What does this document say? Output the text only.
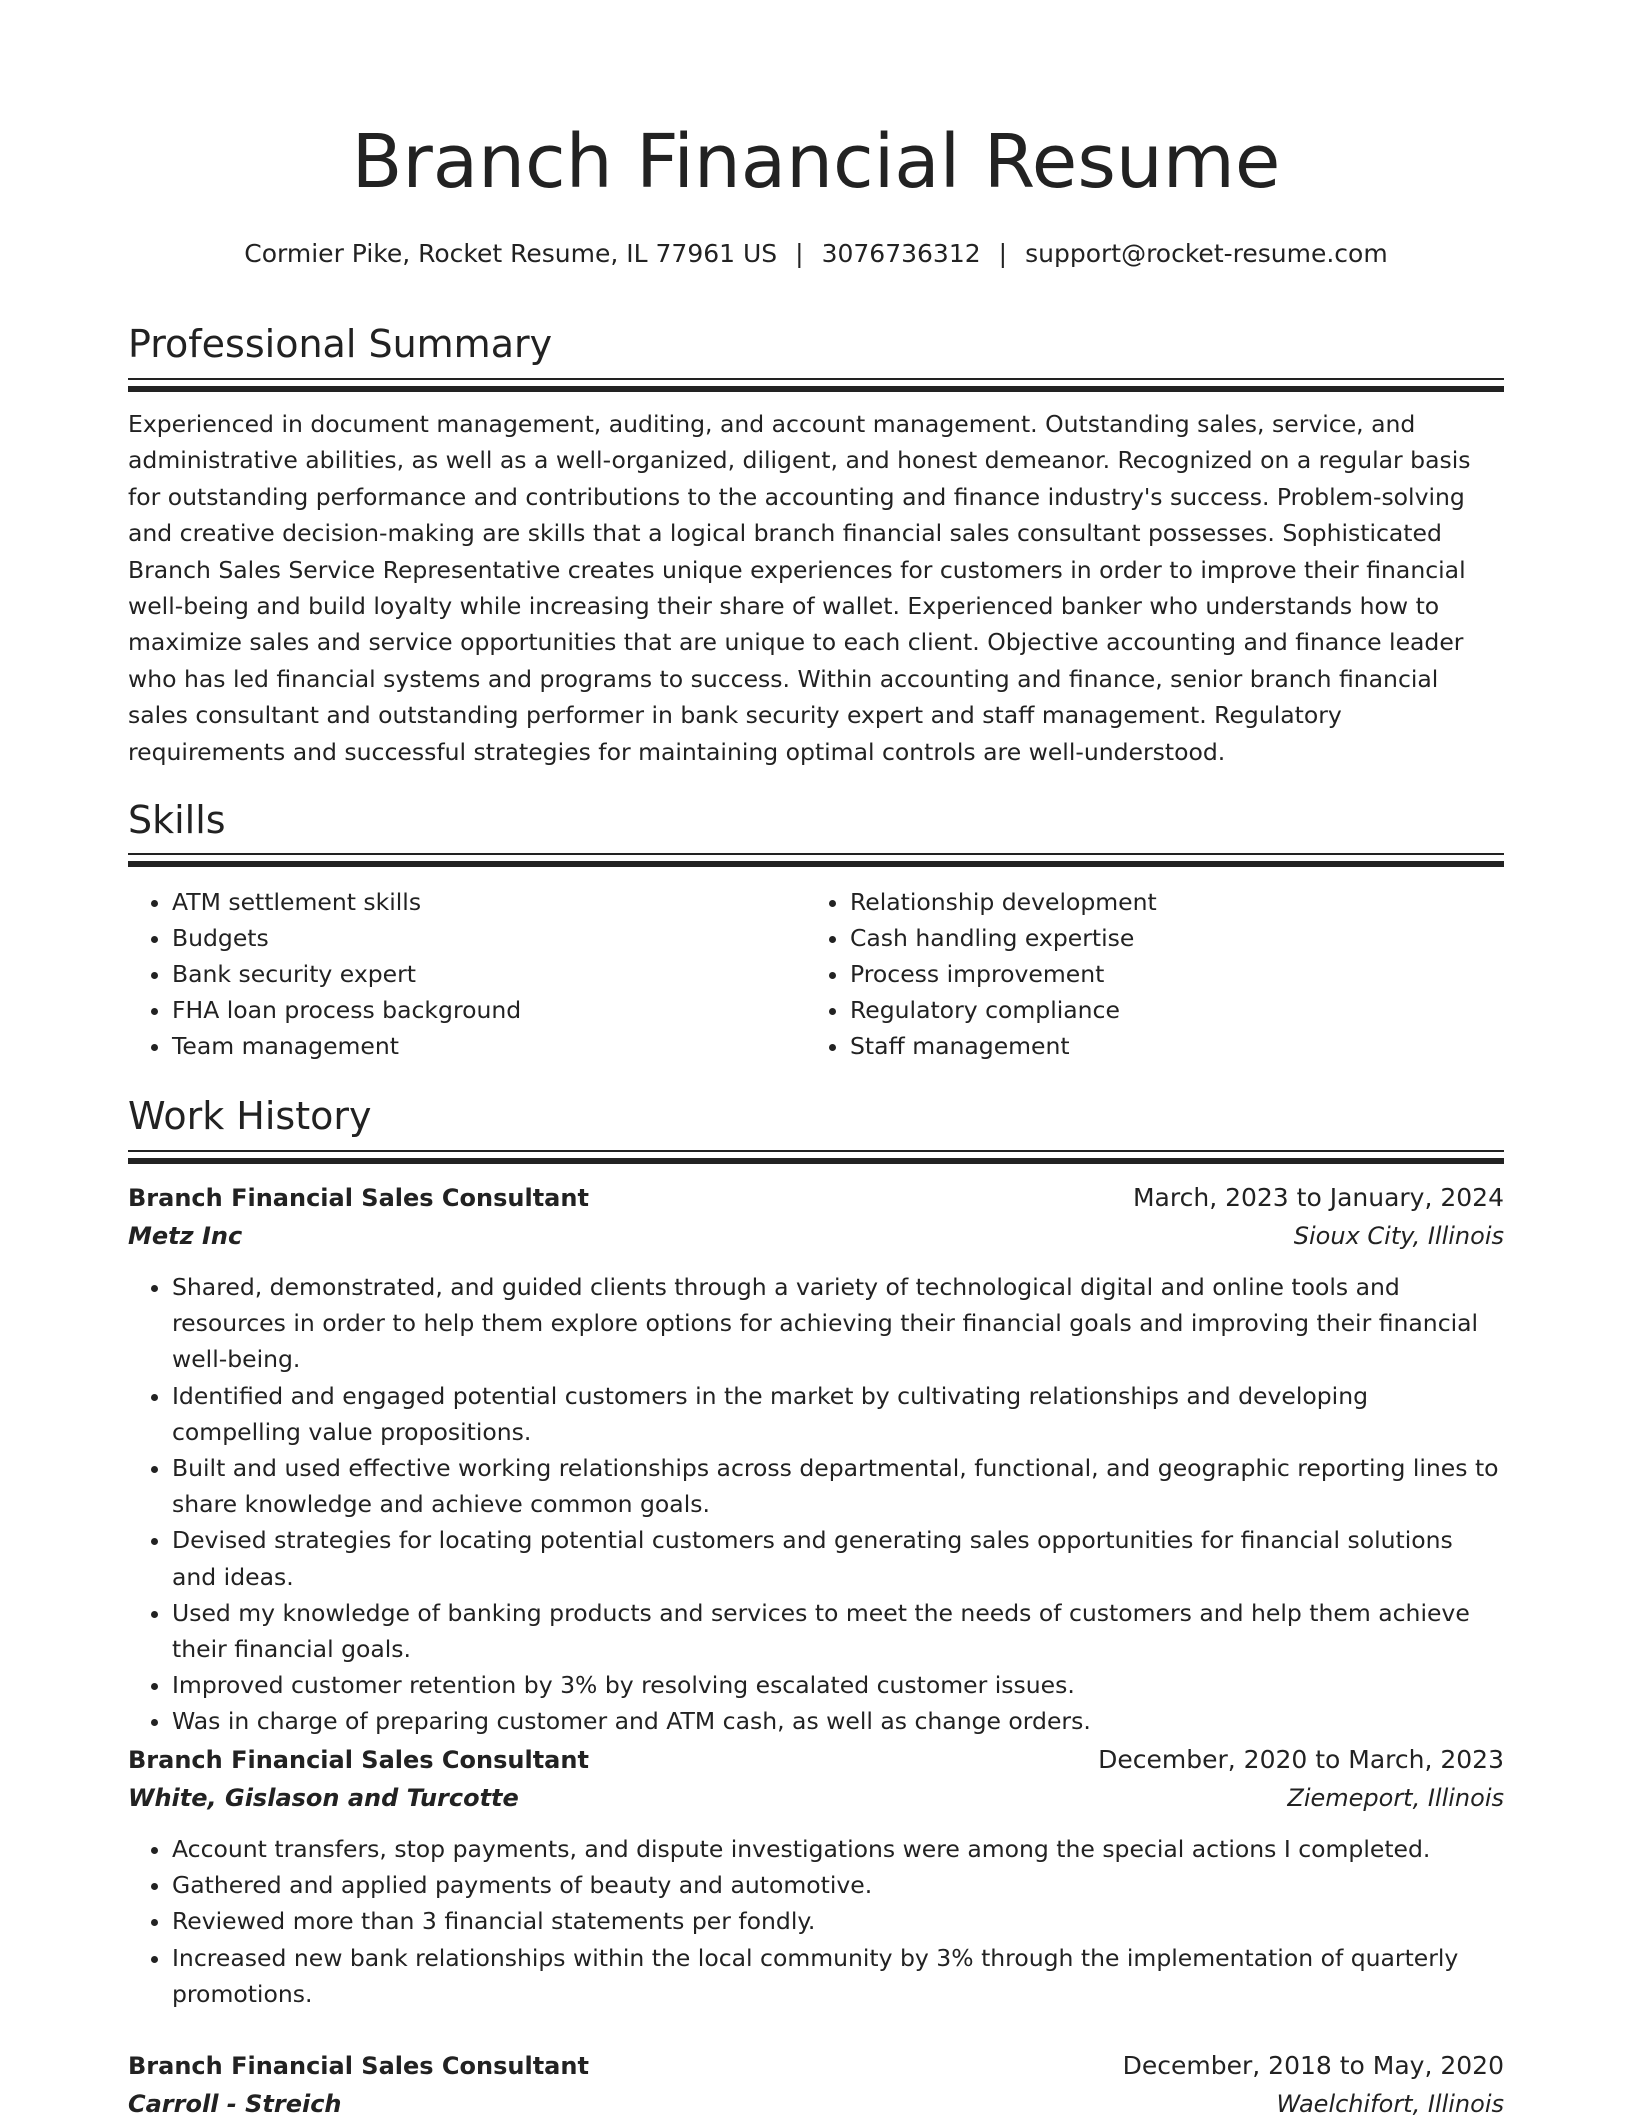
Branch Financial Resume
Cormier Pike, Rocket Resume, IL 77961 US | 3076736312 | support@rocket-resume.com
Professional Summary

Experienced in document management, auditing, and account management. Outstanding sales, service, and administrative abilities, as well as a well-organized, diligent, and honest demeanor. Recognized on a regular basis for outstanding performance and contributions to the accounting and finance industry's success. Problem-solving and creative decision-making are skills that a logical branch financial sales consultant possesses. Sophisticated Branch Sales Service Representative creates unique experiences for customers in order to improve their financial well-being and build loyalty while increasing their share of wallet. Experienced banker who understands how to maximize sales and service opportunities that are unique to each client. Objective accounting and finance leader who has led financial systems and programs to success. Within accounting and finance, senior branch financial sales consultant and outstanding performer in bank security expert and staff management. Regulatory requirements and successful strategies for maintaining optimal controls are well-understood.

Skills
• ATM settlement skills
• Budgets
• Bank security expert
• FHA loan process background
• Team management
• Relationship development
• Cash handling expertise
• Process improvement
• Regulatory compliance
• Staff management
Work History
Branch Financial Sales Consultant	March, 2023 to January, 2024
Metz Inc	Sioux City, Illinois
• Shared, demonstrated, and guided clients through a variety of technological digital and online tools and resources in order to help them explore options for achieving their financial goals and improving their financial well-being.
• Identified and engaged potential customers in the market by cultivating relationships and developing compelling value propositions.
• Built and used effective working relationships across departmental, functional, and geographic reporting lines to share knowledge and achieve common goals.
• Devised strategies for locating potential customers and generating sales opportunities for financial solutions and ideas.
• Used my knowledge of banking products and services to meet the needs of customers and help them achieve their financial goals.
• Improved customer retention by 3% by resolving escalated customer issues.
• Was in charge of preparing customer and ATM cash, as well as change orders.
Branch Financial Sales Consultant	December, 2020 to March, 2023
White, Gislason and Turcotte	Ziemeport, Illinois
• Account transfers, stop payments, and dispute investigations were among the special actions I completed.
• Gathered and applied payments of beauty and automotive.
• Reviewed more than 3 financial statements per fondly.
• Increased new bank relationships within the local community by 3% through the implementation of quarterly promotions.
Branch Financial Sales Consultant	December, 2018 to May, 2020
Carroll - Streich	Waelchifort, Illinois
